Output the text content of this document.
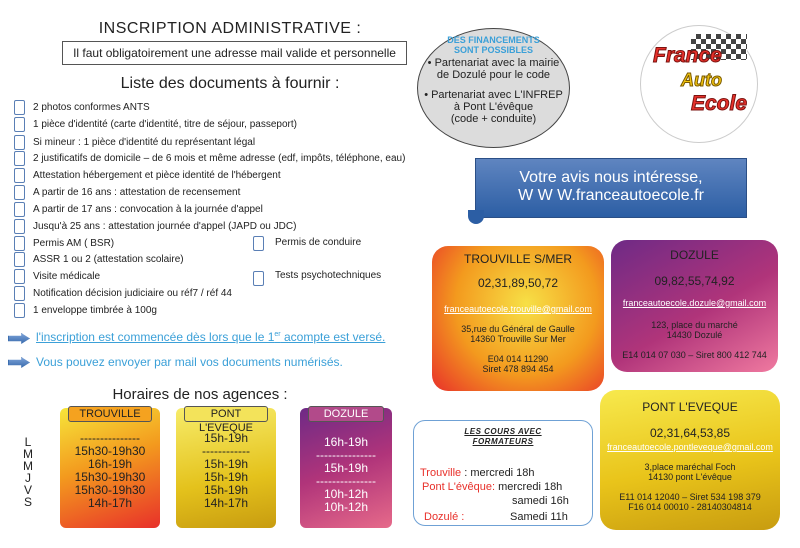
INSCRIPTION ADMINISTRATIVE :
Il faut obligatoirement une adresse mail valide et personnelle
Liste des documents à fournir :
2 photos conformes ANTS
1 pièce d'identité (carte d'identité, titre de séjour, passeport)
Si mineur : 1 pièce d'identité du représentant légal
2 justificatifs de domicile – de 6 mois et même adresse (edf, impôts, téléphone, eau)
Attestation hébergement et pièce identité de l'hébergent
A partir de 16 ans : attestation de recensement
A partir de 17 ans : convocation à la journée d'appel
Jusqu'à 25 ans : attestation journée d'appel (JAPD ou JDC)
Permis AM ( BSR)
ASSR 1 ou 2 (attestation scolaire)
Visite médicale
Notification décision judiciaire ou réf7 / réf 44
1 enveloppe timbrée à 100g
Permis de conduire
Tests psychotechniques
l'inscription est commencée dès lors que le 1er acompte est versé.
Vous pouvez envoyer par mail vos documents numérisés.
Horaires de nos agences :
L
M
M
J
V
S
TROUVILLE
---------------
15h30-19h30
16h-19h
15h30-19h30
15h30-19h30
14h-17h
PONT L'EVEQUE
15h-19h
------------
15h-19h
15h-19h
15h-19h
14h-17h
DOZULE
16h-19h
---------------
15h-19h
---------------
10h-12h
10h-12h
DES FINANCEMENTS
SONT POSSIBLES
• Partenariat avec la mairie
de Dozulé pour le code
• Partenariat avec L'INFREP
à Pont L'évêque
(code + conduite)
France
Auto
Ecole
Votre avis nous intéresse,
W W W.franceautoecole.fr
TROUVILLE S/MER
02,31,89,50,72
franceautoecole.trouville@gmail.com
35,rue du Général de Gaulle
14360 Trouville Sur Mer
E04 014 11290
Siret 478 894 454
DOZULE
09,82,55,74,92
franceautoecole.dozule@gmail.com
123, place du marché
14430 Dozulé
E14 014 07 030 – Siret 800 412 744
PONT L'EVEQUE
02,31,64,53,85
franceautoecole.pontleveque@gmail.com
3,place maréchal Foch
14130 pont L'évêque
E11 014 12040 – Siret 534 198 379
F16 014 00010 - 28140304814
LES COURS AVEC
FORMATEURS
Trouville : mercredi 18h
Pont L'évêque: mercredi 18h
samedi 16h
Dozulé :	Samedi 11h
